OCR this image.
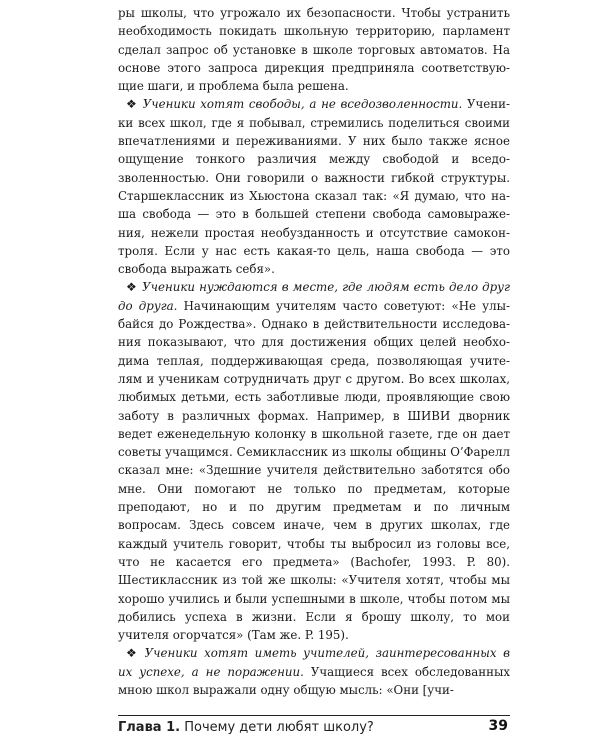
ры школы, что угрожало их безопасности. Чтобы устранить необходимость покидать школьную территорию, парламент сделал запрос об установке в школе торговых автоматов. На основе этого запроса дирекция предприняла соответствующие шаги, и проблема была решена.

❖ Ученики хотят свободы, а не вседозволенности. Ученики всех школ, где я побывал, стремились поделиться своими впечатлениями и переживаниями. У них было также ясное ощущение тонкого различия между свободой и вседозволенностью. Они говорили о важности гибкой структуры. Старшеклассник из Хьюстона сказал так: «Я думаю, что наша свобода — это в большей степени свобода самовыражения, нежели простая необузданность и отсутствие самоконтроля. Если у нас есть какая-то цель, наша свобода — это свобода выражать себя».

❖ Ученики нуждаются в месте, где людям есть дело друг до друга. Начинающим учителям часто советуют: «Не улыбайся до Рождества». Однако в действительности исследования показывают, что для достижения общих целей необходима теплая, поддерживающая среда, позволяющая учителям и ученикам сотрудничать друг с другом. Во всех школах, любимых детьми, есть заботливые люди, проявляющие свою заботу в различных формах. Например, в ШИВИ дворник ведет еженедельную колонку в школьной газете, где он дает советы учащимся. Семиклассник из школы общины О’Фарелл сказал мне: «Здешние учителя действительно заботятся обо мне. Они помогают не только по предметам, которые преподают, но и по другим предметам и по личным вопросам. Здесь совсем иначе, чем в других школах, где каждый учитель говорит, чтобы ты выбросил из головы все, что не касается его предмета» (Bachofer, 1993. P. 80). Шестиклассник из той же школы: «Учителя хотят, чтобы мы хорошо учились и были успешными в школе, чтобы потом мы добились успеха в жизни. Если я брошу школу, то мои учителя огорчатся» (Там же. P. 195).

❖ Ученики хотят иметь учителей, заинтересованных в их успехе, а не поражении. Учащиеся всех обследованных мною школ выражали одну общую мысль: «Они [учи-

Глава 1. Почему дети любят школу?	39
